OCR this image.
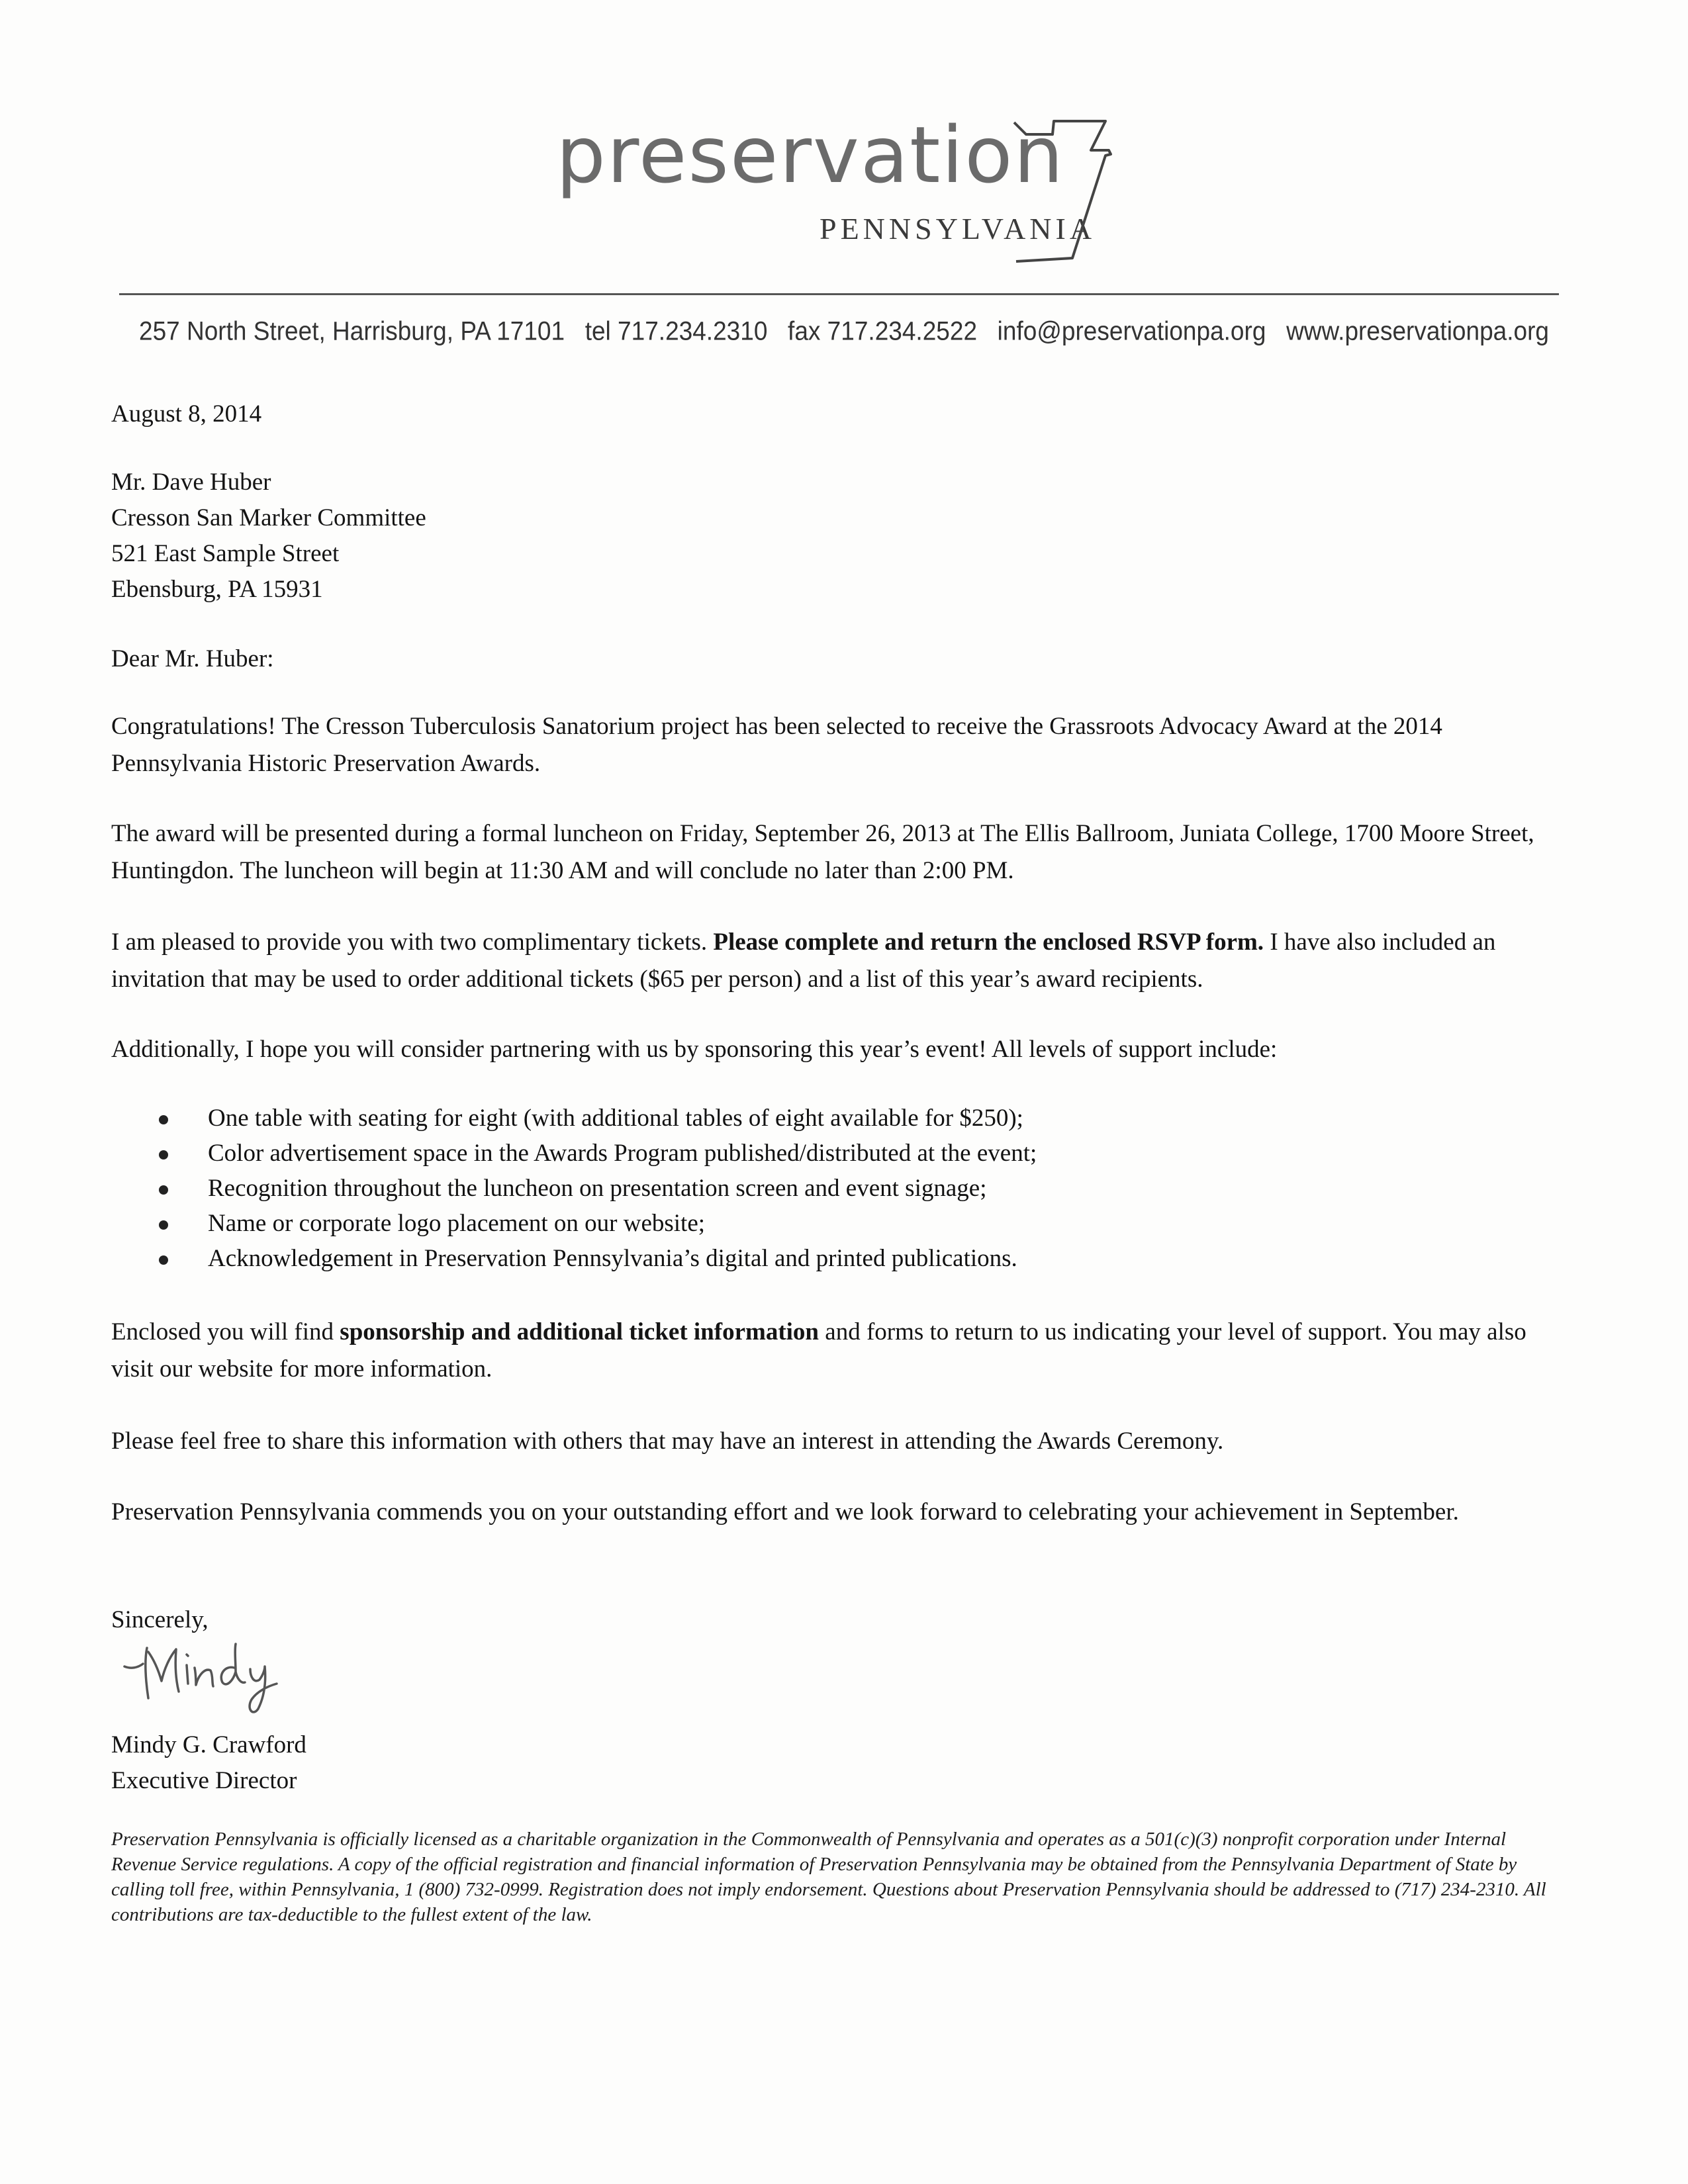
preservation
PENNSYLVANIA
257 North Street, Harrisburg, PA 17101 tel 717.234.2310 fax 717.234.2522 info@preservationpa.org www.preservationpa.org
August 8, 2014
Mr. Dave Huber
Cresson San Marker Committee
521 East Sample Street
Ebensburg, PA 15931
Dear Mr. Huber:
Congratulations! The Cresson Tuberculosis Sanatorium project has been selected to receive the Grassroots Advocacy Award at the 2014 Pennsylvania Historic Preservation Awards.
The award will be presented during a formal luncheon on Friday, September 26, 2013 at The Ellis Ballroom, Juniata College, 1700 Moore Street, Huntingdon. The luncheon will begin at 11:30 AM and will conclude no later than 2:00 PM.
I am pleased to provide you with two complimentary tickets. Please complete and return the enclosed RSVP form. I have also included an invitation that may be used to order additional tickets ($65 per person) and a list of this year’s award recipients.
Additionally, I hope you will consider partnering with us by sponsoring this year’s event! All levels of support include:
One table with seating for eight (with additional tables of eight available for $250);
Color advertisement space in the Awards Program published/distributed at the event;
Recognition throughout the luncheon on presentation screen and event signage;
Name or corporate logo placement on our website;
Acknowledgement in Preservation Pennsylvania’s digital and printed publications.
Enclosed you will find sponsorship and additional ticket information and forms to return to us indicating your level of support. You may also visit our website for more information.
Please feel free to share this information with others that may have an interest in attending the Awards Ceremony.
Preservation Pennsylvania commends you on your outstanding effort and we look forward to celebrating your achievement in September.
Sincerely,
Mindy G. Crawford
Executive Director
Preservation Pennsylvania is officially licensed as a charitable organization in the Commonwealth of Pennsylvania and operates as a 501(c)(3) nonprofit corporation under Internal Revenue Service regulations. A copy of the official registration and financial information of Preservation Pennsylvania may be obtained from the Pennsylvania Department of State by calling toll free, within Pennsylvania, 1 (800) 732-0999. Registration does not imply endorsement. Questions about Preservation Pennsylvania should be addressed to (717) 234-2310. All contributions are tax-deductible to the fullest extent of the law.
